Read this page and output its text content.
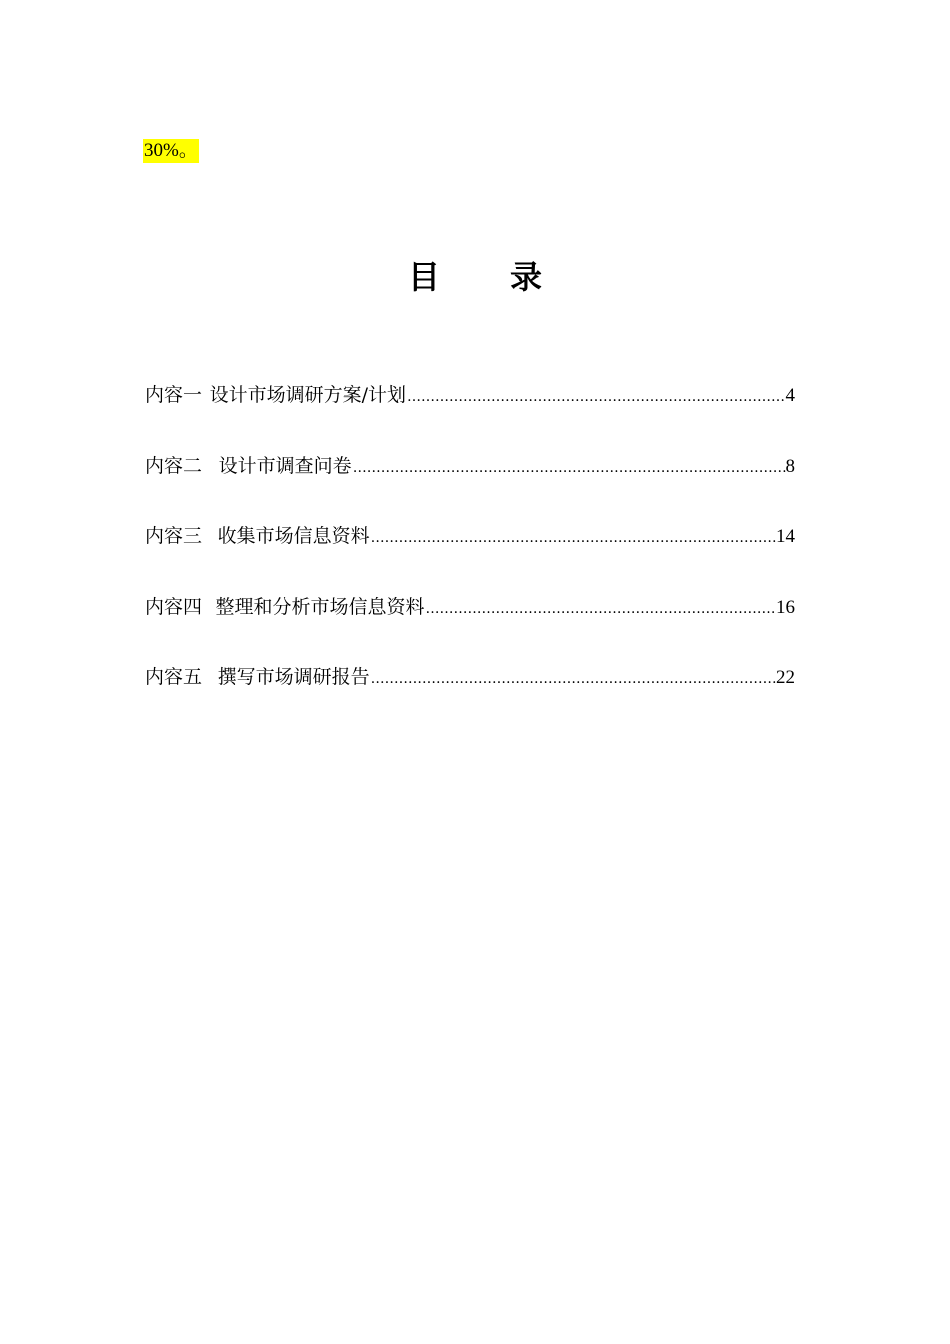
30%。
目 录
内容一 设计市场调研方案/计划 ……………………………………………………………………………………………………………………………………	4
内容二 设计市调查问卷 ……………………………………………………………………………………………………………………………………	8
内容三 收集市场信息资料 ……………………………………………………………………………………………………………………………………	14
内容四 整理和分析市场信息资料 ……………………………………………………………………………………………………………………………………	16
内容五 撰写市场调研报告 ……………………………………………………………………………………………………………………………………	22
